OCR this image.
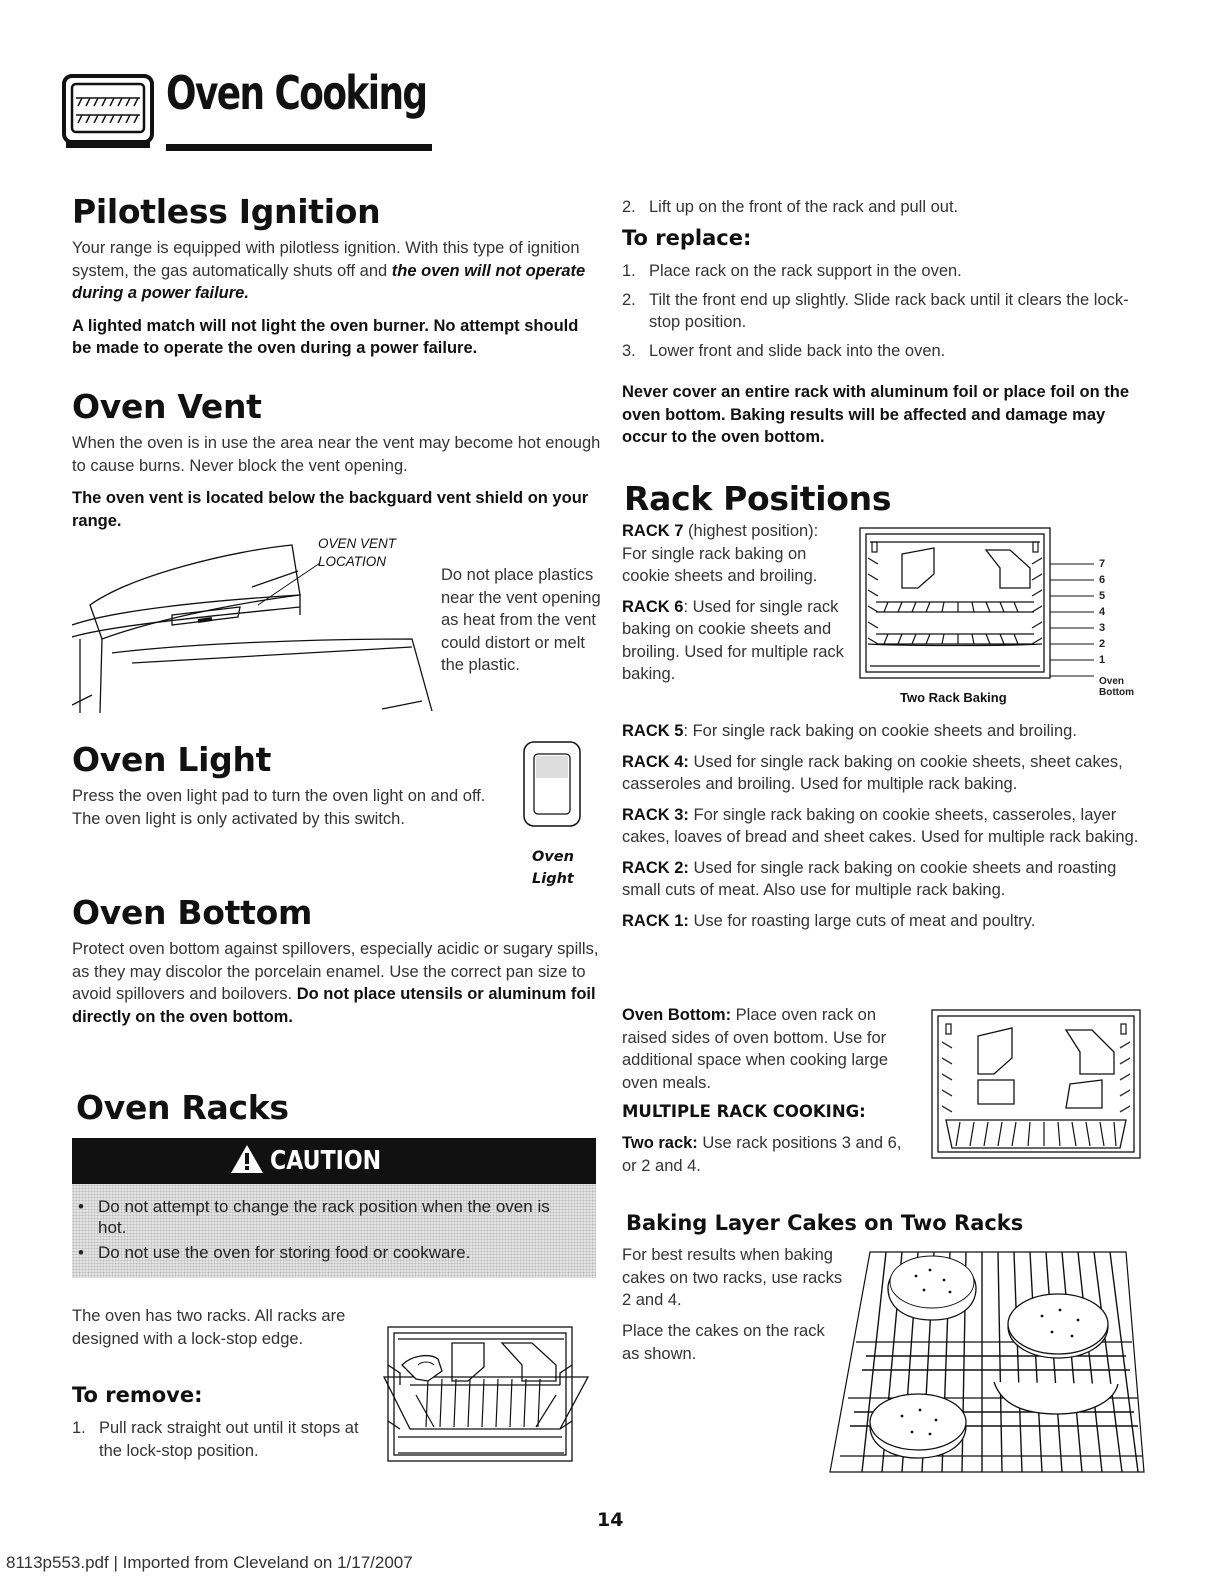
Oven Cooking
Pilotless Ignition

Your range is equipped with pilotless ignition. With this type of ignition system, the gas automatically shuts off and the oven will not operate during a power failure.

A lighted match will not light the oven burner. No attempt should be made to operate the oven during a power failure.

Oven Vent

When the oven is in use the area near the vent may become hot enough to cause burns. Never block the vent opening.

The oven vent is located below the backguard vent shield on your range.

OVEN VENT
LOCATION

Do not place plastics near the vent opening as heat from the vent could distort or melt the plastic.

Oven Light

Press the oven light pad to turn the oven light on and off. The oven light is only activated by this switch.

Oven
Light
Oven Bottom

Protect oven bottom against spillovers, especially acidic or sugary spills, as they may discolor the porcelain enamel. Use the correct pan size to avoid spillovers and boilovers. Do not place utensils or aluminum foil directly on the oven bottom.

Oven Racks
CAUTION
• Do not attempt to change the rack position when the oven is hot.
• Do not use the oven for storing food or cookware.

The oven has two racks. All racks are designed with a lock-stop edge.

To remove:
1. Pull rack straight out until it stops at the lock-stop position.
2. Lift up on the front of the rack and pull out.
To replace:
1. Place rack on the rack support in the oven.
2. Tilt the front end up slightly. Slide rack back until it clears the lock-stop position.
3. Lower front and slide back into the oven.

Never cover an entire rack with aluminum foil or place foil on the oven bottom. Baking results will be affected and damage may occur to the oven bottom.

Rack Positions

RACK 7 (highest position): For single rack baking on cookie sheets and broiling.

RACK 6: Used for single rack baking on cookie sheets and broiling. Used for multiple rack baking.

7
6
5
4
3
2
1
Oven
Bottom
Two Rack Baking

RACK 5: For single rack baking on cookie sheets and broiling.

RACK 4: Used for single rack baking on cookie sheets, sheet cakes, casseroles and broiling. Used for multiple rack baking.

RACK 3: For single rack baking on cookie sheets, casseroles, layer cakes, loaves of bread and sheet cakes. Used for multiple rack baking.

RACK 2: Used for single rack baking on cookie sheets and roasting small cuts of meat. Also use for multiple rack baking.

RACK 1: Use for roasting large cuts of meat and poultry.

Oven Bottom: Place oven rack on raised sides of oven bottom. Use for additional space when cooking large oven meals.

MULTIPLE RACK COOKING:

Two rack: Use rack positions 3 and 6, or 2 and 4.

Baking Layer Cakes on Two Racks

For best results when baking cakes on two racks, use racks 2 and 4.

Place the cakes on the rack as shown.

14
8113p553.pdf | Imported from Cleveland on 1/17/2007
